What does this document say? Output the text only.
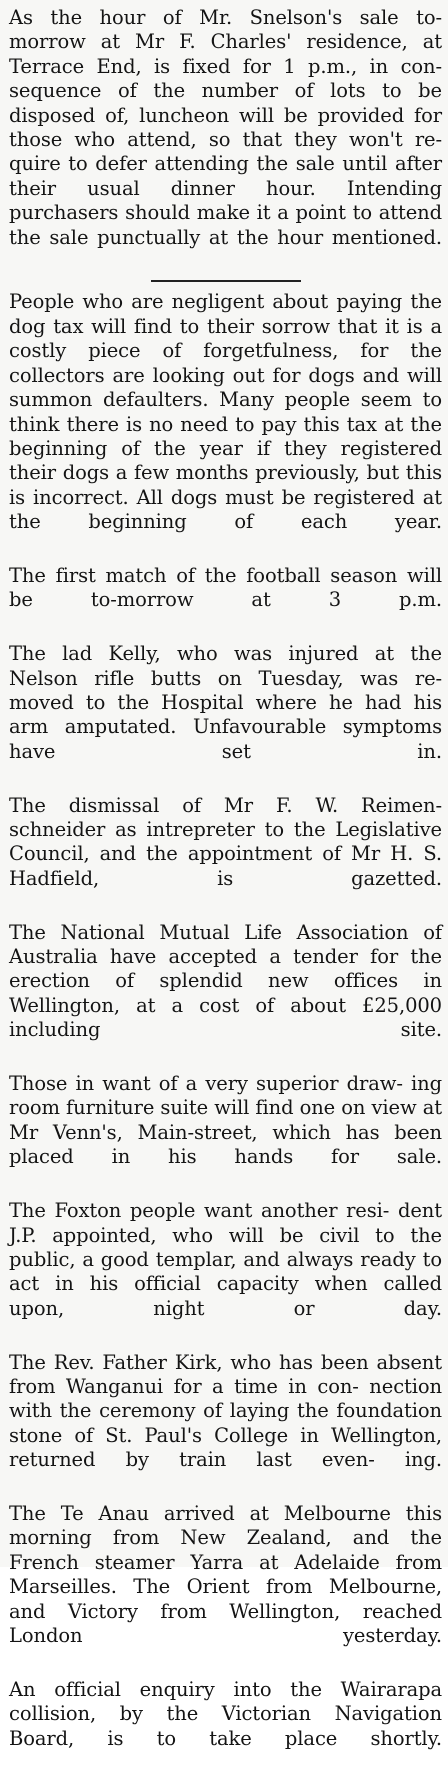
As the hour of Mr. Snelson's sale to- morrow at Mr F. Charles' residence, at Terrace End, is fixed for 1 p.m., in con- sequence of the number of lots to be disposed of, luncheon will be provided for those who attend, so that they won't re- quire to defer attending the sale until after their usual dinner hour. Intending purchasers should make it a point to attend the sale punctually at the hour mentioned.

People who are negligent about paying the dog tax will find to their sorrow that it is a costly piece of forgetfulness, for the collectors are looking out for dogs and will summon defaulters. Many people seem to think there is no need to pay this tax at the beginning of the year if they registered their dogs a few months previously, but this is incorrect. All dogs must be registered at the beginning of each year.

The first match of the football season will be to-morrow at 3 p.m.

The lad Kelly, who was injured at the Nelson rifle butts on Tuesday, was re- moved to the Hospital where he had his arm amputated. Unfavourable symptoms have set in.

The dismissal of Mr F. W. Reimen- schneider as intrepreter to the Legislative Council, and the appointment of Mr H. S. Hadfield, is gazetted.

The National Mutual Life Association of Australia have accepted a tender for the erection of splendid new offices in Wellington, at a cost of about £25,000 including site.

Those in want of a very superior draw- ing room furniture suite will find one on view at Mr Venn's, Main-street, which has been placed in his hands for sale.

The Foxton people want another resi- dent J.P. appointed, who will be civil to the public, a good templar, and always ready to act in his official capacity when called upon, night or day.

The Rev. Father Kirk, who has been absent from Wanganui for a time in con- nection with the ceremony of laying the foundation stone of St. Paul's College in Wellington, returned by train last even- ing.

The Te Anau arrived at Melbourne this morning from New Zealand, and the French steamer Yarra at Adelaide from Marseilles. The Orient from Melbourne, and Victory from Wellington, reached London yesterday.

An official enquiry into the Wairarapa collision, by the Victorian Navigation Board, is to take place shortly.
